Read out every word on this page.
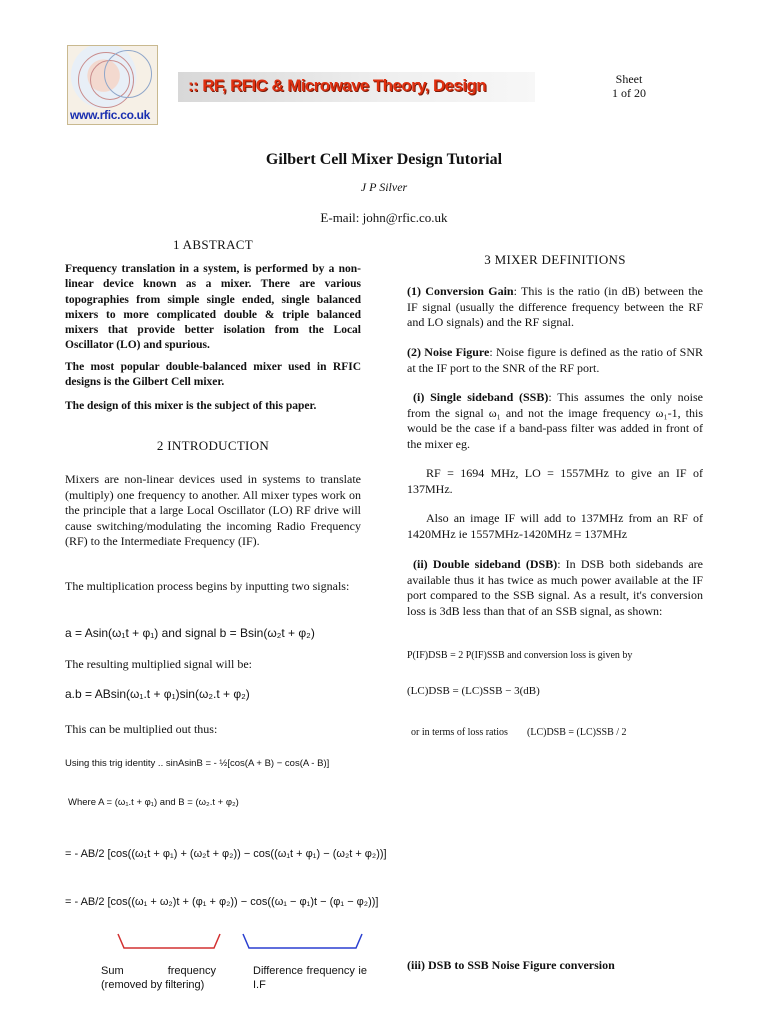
www.rfic.co.uk
:: RF, RFIC & Microwave Theory, Design	Sheet
1 of 20
Gilbert Cell Mixer Design Tutorial
J P Silver
E-mail: john@rfic.co.uk
1 ABSTRACT
Frequency translation in a system, is performed by a non-linear device known as a mixer. There are various topographies from simple single ended, single balanced mixers to more complicated double & triple balanced mixers that provide better isolation from the Local Oscillator (LO) and spurious.
The most popular double-balanced mixer used in RFIC designs is the Gilbert Cell mixer.
The design of this mixer is the subject of this paper.
2 INTRODUCTION
Mixers are non-linear devices used in systems to translate (multiply) one frequency to another. All mixer types work on the principle that a large Local Oscillator (LO) RF drive will cause switching/modulating the incoming Radio Frequency (RF) to the Intermediate Frequency (IF).
The multiplication process begins by inputting two signals:
a = Asin(ω₁t + φ₁) and signal b = Bsin(ω₂t + φ₂)
The resulting multiplied signal will be:
a.b = ABsin(ω₁.t + φ₁)sin(ω₂.t + φ₂)
This can be multiplied out thus:
Using this trig identity .. sinAsinB = - ½[cos(A + B) − cos(A - B)]
Where A = (ω₁.t + φ₁) and B = (ω₂.t + φ₂)
= - AB/2 [cos((ω₁t + φ₁) + (ω₂t + φ₂)) − cos((ω₁t + φ₁) − (ω₂t + φ₂))]
= - AB/2 [cos((ω₁ + ω₂)t + (φ₁ + φ₂)) − cos((ω₁ − φ₁)t − (φ₁ − φ₂))]
Sum frequency (removed by filtering)
Difference frequency ie I.F
3 MIXER DEFINITIONS
(1) Conversion Gain: This is the ratio (in dB) between the IF signal (usually the difference frequency between the RF and LO signals) and the RF signal.
(2) Noise Figure: Noise figure is defined as the ratio of SNR at the IF port to the SNR of the RF port.
(i) Single sideband (SSB): This assumes the only noise from the signal ω₁ and not the image frequency ω₁-1, this would be the case if a band-pass filter was added in front of the mixer eg.
RF = 1694 MHz, LO = 1557MHz to give an IF of 137MHz.
Also an image IF will add to 137MHz from an RF of 1420MHz ie 1557MHz-1420MHz = 137MHz
(ii) Double sideband (DSB): In DSB both sidebands are available thus it has twice as much power available at the IF port compared to the SSB signal. As a result, it's conversion loss is 3dB less than that of an SSB signal, as shown:
P(IF)DSB = 2 P(IF)SSB and conversion loss is given by
(LC)DSB = (LC)SSB − 3(dB)
or in terms of loss ratios (LC)DSB = (LC)SSB / 2
(iii) DSB to SSB Noise Figure conversion
